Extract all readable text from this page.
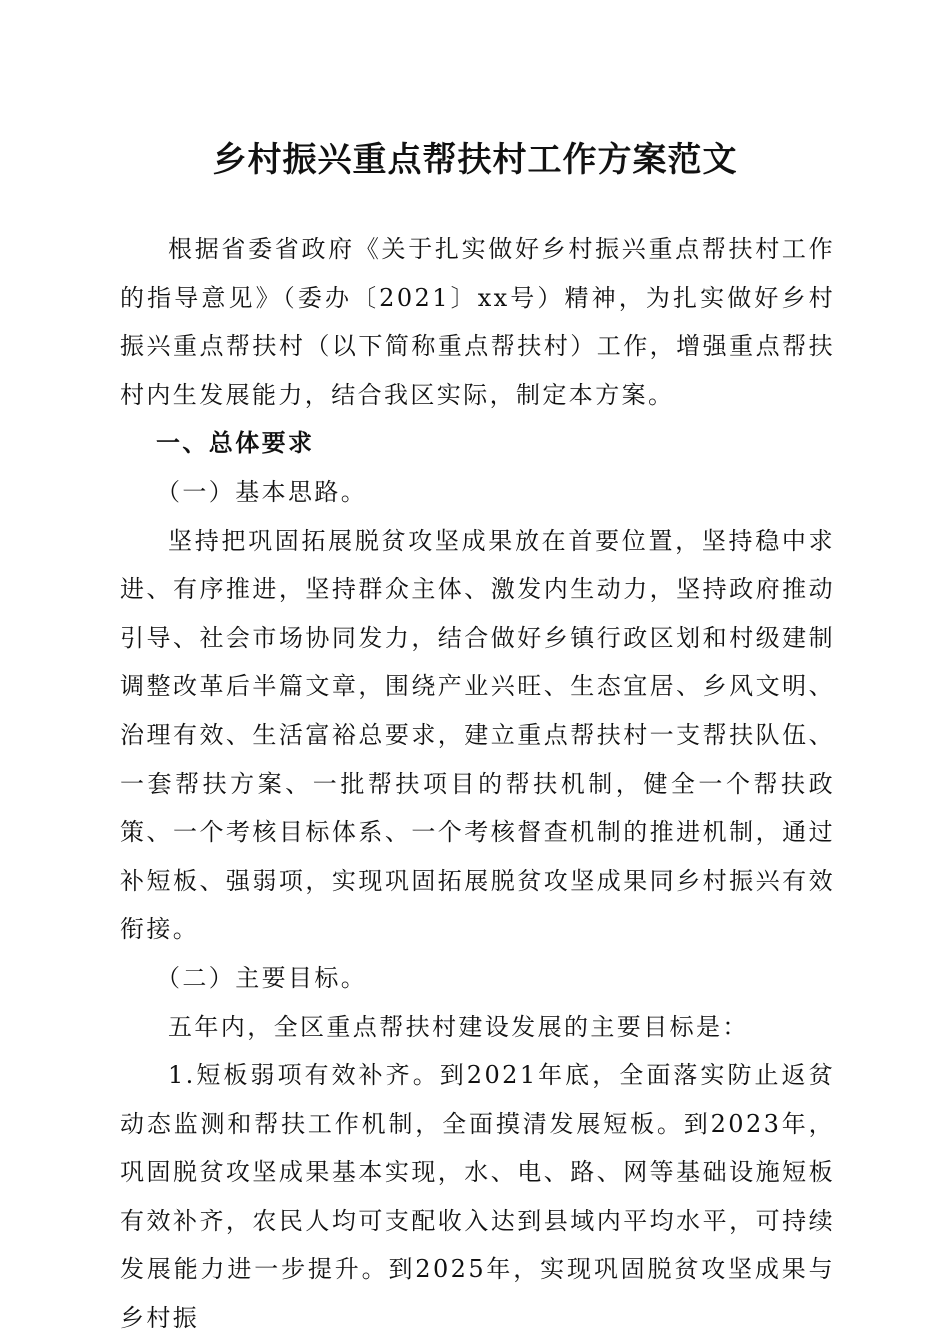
乡村振兴重点帮扶村工作方案范文

根据省委省政府《关于扎实做好乡村振兴重点帮扶村工作的指导意见》（委办〔2021〕xx号）精神，为扎实做好乡村振兴重点帮扶村（以下简称重点帮扶村）工作，增强重点帮扶村内生发展能力，结合我区实际，制定本方案。

一、总体要求

（一）基本思路。

坚持把巩固拓展脱贫攻坚成果放在首要位置，坚持稳中求进、有序推进，坚持群众主体、激发内生动力，坚持政府推动引导、社会市场协同发力，结合做好乡镇行政区划和村级建制调整改革后半篇文章，围绕产业兴旺、生态宜居、乡风文明、治理有效、生活富裕总要求，建立重点帮扶村一支帮扶队伍、一套帮扶方案、一批帮扶项目的帮扶机制，健全一个帮扶政策、一个考核目标体系、一个考核督查机制的推进机制，通过补短板、强弱项，实现巩固拓展脱贫攻坚成果同乡村振兴有效衔接。

（二）主要目标。

五年内，全区重点帮扶村建设发展的主要目标是：

1.短板弱项有效补齐。到2021年底，全面落实防止返贫动态监测和帮扶工作机制，全面摸清发展短板。到2023年，巩固脱贫攻坚成果基本实现，水、电、路、网等基础设施短板有效补齐，农民人均可支配收入达到县域内平均水平，可持续发展能力进一步提升。到2025年，实现巩固脱贫攻坚成果与乡村振
